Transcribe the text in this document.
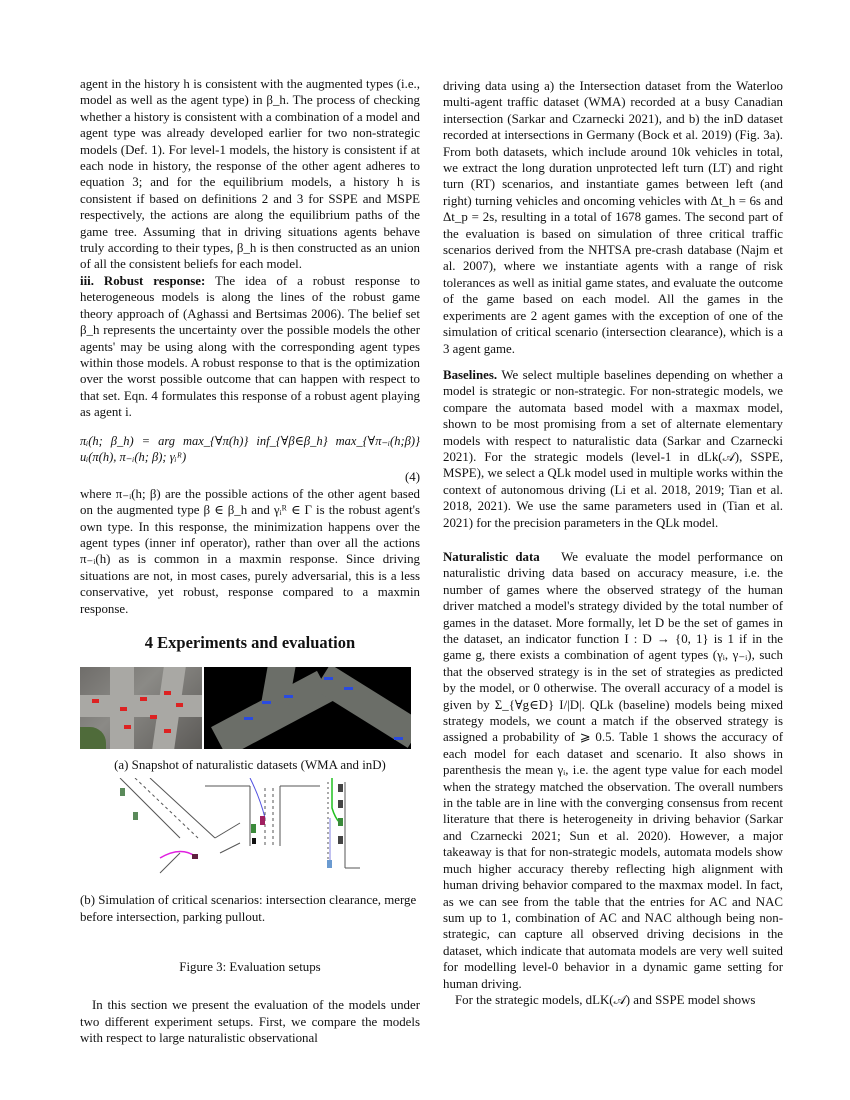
agent in the history h is consistent with the augmented types (i.e., model as well as the agent type) in β_h. The process of checking whether a history is consistent with a combination of a model and agent type was already developed earlier for two non-strategic models (Def. 1). For level-1 models, the history is consistent if at each node in history, the response of the other agent adheres to equation 3; and for the equilibrium models, a history h is consistent if based on definitions 2 and 3 for SSPE and MSPE respectively, the actions are along the equilibrium paths of the game tree. Assuming that in driving situations agents behave truly according to their types, β_h is then constructed as an union of all the consistent beliefs for each model.

iii. Robust response: The idea of a robust response to heterogeneous models is along the lines of the robust game theory approach of (Aghassi and Bertsimas 2006). The belief set β_h represents the uncertainty over the possible models the other agents' may be using along with the corresponding agent types within those models. A robust response to that is the optimization over the worst possible outcome that can happen with respect to that set. Eqn. 4 formulates this response of a robust agent playing as agent i.

πᵢ(h; β_h) = arg max_{∀π(h)} inf_{∀β∈β_h} max_{∀π₋ᵢ(h;β)} uᵢ(π(h), π₋ᵢ(h; β); γᵢᴿ)
(4)

where π₋ᵢ(h; β) are the possible actions of the other agent based on the augmented type β ∈ β_h and γᵢᴿ ∈ Γ is the robust agent's own type. In this response, the minimization happens over the agent types (inner inf operator), rather than over all the actions π₋ᵢ(h) as is common in a maxmin response. Since driving situations are not, in most cases, purely adversarial, this is a less conservative, yet robust, response compared to a maxmin response.

4 Experiments and evaluation
(a) Snapshot of naturalistic datasets (WMA and inD)
(b) Simulation of critical scenarios: intersection clearance, merge before intersection, parking pullout.
Figure 3: Evaluation setups

In this section we present the evaluation of the models under two different experiment setups. First, we compare the models with respect to large naturalistic observational

driving data using a) the Intersection dataset from the Waterloo multi-agent traffic dataset (WMA) recorded at a busy Canadian intersection (Sarkar and Czarnecki 2021), and b) the inD dataset recorded at intersections in Germany (Bock et al. 2019) (Fig. 3a). From both datasets, which include around 10k vehicles in total, we extract the long duration unprotected left turn (LT) and right turn (RT) scenarios, and instantiate games between left (and right) turning vehicles and oncoming vehicles with Δt_h = 6s and Δt_p = 2s, resulting in a total of 1678 games. The second part of the evaluation is based on simulation of three critical traffic scenarios derived from the NHTSA pre-crash database (Najm et al. 2007), where we instantiate agents with a range of risk tolerances as well as initial game states, and evaluate the outcome of the game based on each model. All the games in the experiments are 2 agent games with the exception of one of the simulation of critical scenario (intersection clearance), which is a 3 agent game.

Baselines. We select multiple baselines depending on whether a model is strategic or non-strategic. For non-strategic models, we compare the automata based model with a maxmax model, shown to be most promising from a set of alternate elementary models with respect to naturalistic data (Sarkar and Czarnecki 2021). For the strategic models (level-1 in dLk(𝒜), SSPE, MSPE), we select a QLk model used in multiple works within the context of autonomous driving (Li et al. 2018, 2019; Tian et al. 2018, 2021). We use the same parameters used in (Tian et al. 2021) for the precision parameters in the QLk model.

Naturalistic data We evaluate the model performance on naturalistic driving data based on accuracy measure, i.e. the number of games where the observed strategy of the human driver matched a model's strategy divided by the total number of games in the dataset. More formally, let D be the set of games in the dataset, an indicator function I : D → {0, 1} is 1 if in the game g, there exists a combination of agent types (γᵢ, γ₋ᵢ), such that the observed strategy is in the set of strategies as predicted by the model, or 0 otherwise. The overall accuracy of a model is given by Σ_{∀g∈D} I/|D|. QLk (baseline) models being mixed strategy models, we count a match if the observed strategy is assigned a probability of ⩾ 0.5. Table 1 shows the accuracy of each model for each dataset and scenario. It also shows in parenthesis the mean γᵢ, i.e. the agent type value for each model when the strategy matched the observation. The overall numbers in the table are in line with the converging consensus from recent literature that there is heterogeneity in driving behavior (Sarkar and Czarnecki 2021; Sun et al. 2020). However, a major takeaway is that for non-strategic models, automata models show much higher accuracy thereby reflecting high alignment with human driving behavior compared to the maxmax model. In fact, as we can see from the table that the entries for AC and NAC sum up to 1, combination of AC and NAC although being non-strategic, can capture all observed driving decisions in the dataset, which indicate that automata models are very well suited for modelling level-0 behavior in a dynamic game setting for human driving.

For the strategic models, dLK(𝒜) and SSPE model shows
